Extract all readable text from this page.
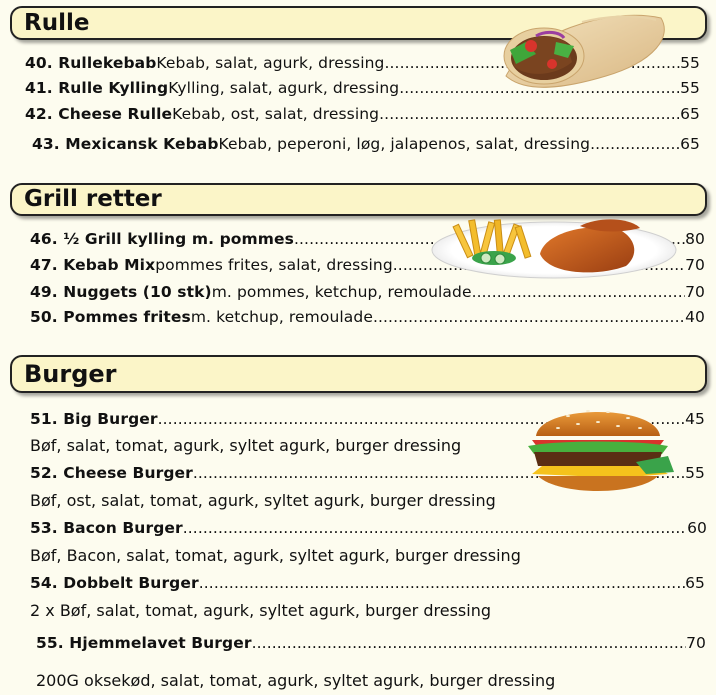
Rulle
40. Rullekebab Kebab, salat, agurk, dressing... .....	55
41. Rulle Kylling Kylling, salat, agurk, dressing .....	55
42. Cheese Rulle Kebab, ost, salat, dressing .....	65
43. Mexicansk Kebab Kebab, peperoni, løg, jalapenos, salat, dressing .....	65
Grill retter
46. ½ Grill kylling m. pommes .....	80
47. Kebab Mix pommes frites, salat, dressing .....	70
49. Nuggets (10 stk) m. pommes, ketchup, remoulade .....	70
50. Pommes frites m. ketchup, remoulade .....	40
Burger
51. Big Burger .....	45
Bøf, salat, tomat, agurk, syltet agurk, burger dressing
52. Cheese Burger .....	55
Bøf, ost, salat, tomat, agurk, syltet agurk, burger dressing
53. Bacon Burger .....	60
Bøf, Bacon, salat, tomat, agurk, syltet agurk, burger dressing
54. Dobbelt Burger .....	65
2 x Bøf, salat, tomat, agurk, syltet agurk, burger dressing
55. Hjemmelavet Burger .....	70
200G oksekød, salat, tomat, agurk, syltet agurk, burger dressing
